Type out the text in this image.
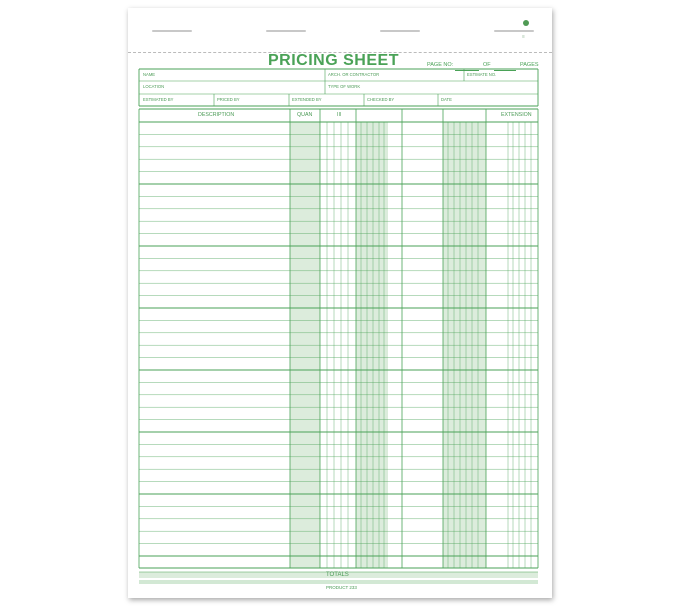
≡
PRICING SHEET	PAGE NO:	OF	PAGES
NAME	ARCH. OR CONTRACTOR	ESTIMATE NO.
LOCATION	TYPE OF WORK
ESTIMATED BY	PRICED BY	EXTENDED BY	CHECKED BY	DATE
DESCRIPTION	QUAN	III	EXTENSION
TOTALS
PRODUCT 233
